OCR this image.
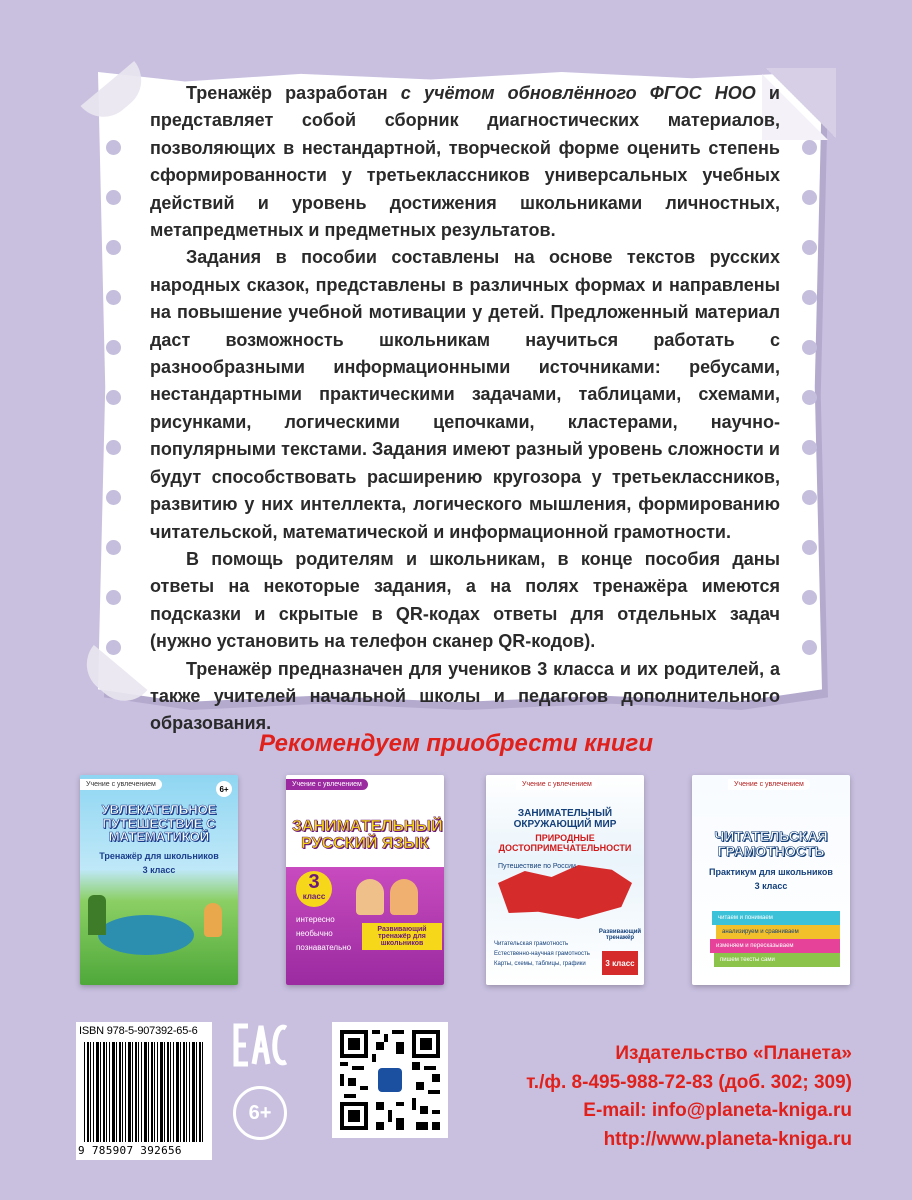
Тренажёр разработан с учётом обновлённого ФГОС НОО и представляет собой сборник диагностических материалов, позволяющих в нестандартной, творческой форме оценить степень сформированности у третьеклассников универсальных учебных действий и уровень достижения школьниками личностных, метапредметных и предметных результатов.

Задания в пособии составлены на основе текстов русских народных сказок, представлены в различных формах и направлены на повышение учебной мотивации у детей. Предложенный материал даст возможность школьникам научиться работать с разнообразными информационными источниками: ребусами, нестандартными практическими задачами, таблицами, схемами, рисунками, логическими цепочками, кластерами, научно-популярными текстами. Задания имеют разный уровень сложности и будут способствовать расширению кругозора у третьеклассников, развитию у них интеллекта, логического мышления, формированию читательской, математической и информационной грамотности.

В помощь родителям и школьникам, в конце пособия даны ответы на некоторые задания, а на полях тренажёра имеются подсказки и скрытые в QR-кодах ответы для отдельных задач (нужно установить на телефон сканер QR-кодов).

Тренажёр предназначен для учеников 3 класса и их родителей, а также учителей начальной школы и педагогов дополнительного образования.

Рекомендуем приобрести книги
Учение с увлечением	6+
УВЛЕКАТЕЛЬНОЕ ПУТЕШЕСТВИЕ С МАТЕМАТИКОЙ
Тренажёр для школьников
3 класс
Учение с увлечением
ЗАНИМАТЕЛЬНЫЙ РУССКИЙ ЯЗЫК
3
класс
интересно
необычно
познавательно
Развивающий тренажёр для школьников
Учение с увлечением
ЗАНИМАТЕЛЬНЫЙ ОКРУЖАЮЩИЙ МИР
ПРИРОДНЫЕ ДОСТОПРИМЕЧАТЕЛЬНОСТИ
Путешествие по России
Читательская грамотность
Естественно-научная грамотность
Карты, схемы, таблицы, графики
Развивающий тренажёр
3 класс
Учение с увлечением
ЧИТАТЕЛЬСКАЯ ГРАМОТНОСТЬ
Практикум для школьников
3 класс
читаем и понимаем
анализируем и сравниваем
изменяем и пересказываем
пишем тексты сами
ISBN 978-5-907392-65-6
9 785907 392656
6+
Издательство «Планета»
т./ф. 8-495-988-72-83 (доб. 302; 309)
E-mail: info@planeta-kniga.ru
http://www.planeta-kniga.ru
